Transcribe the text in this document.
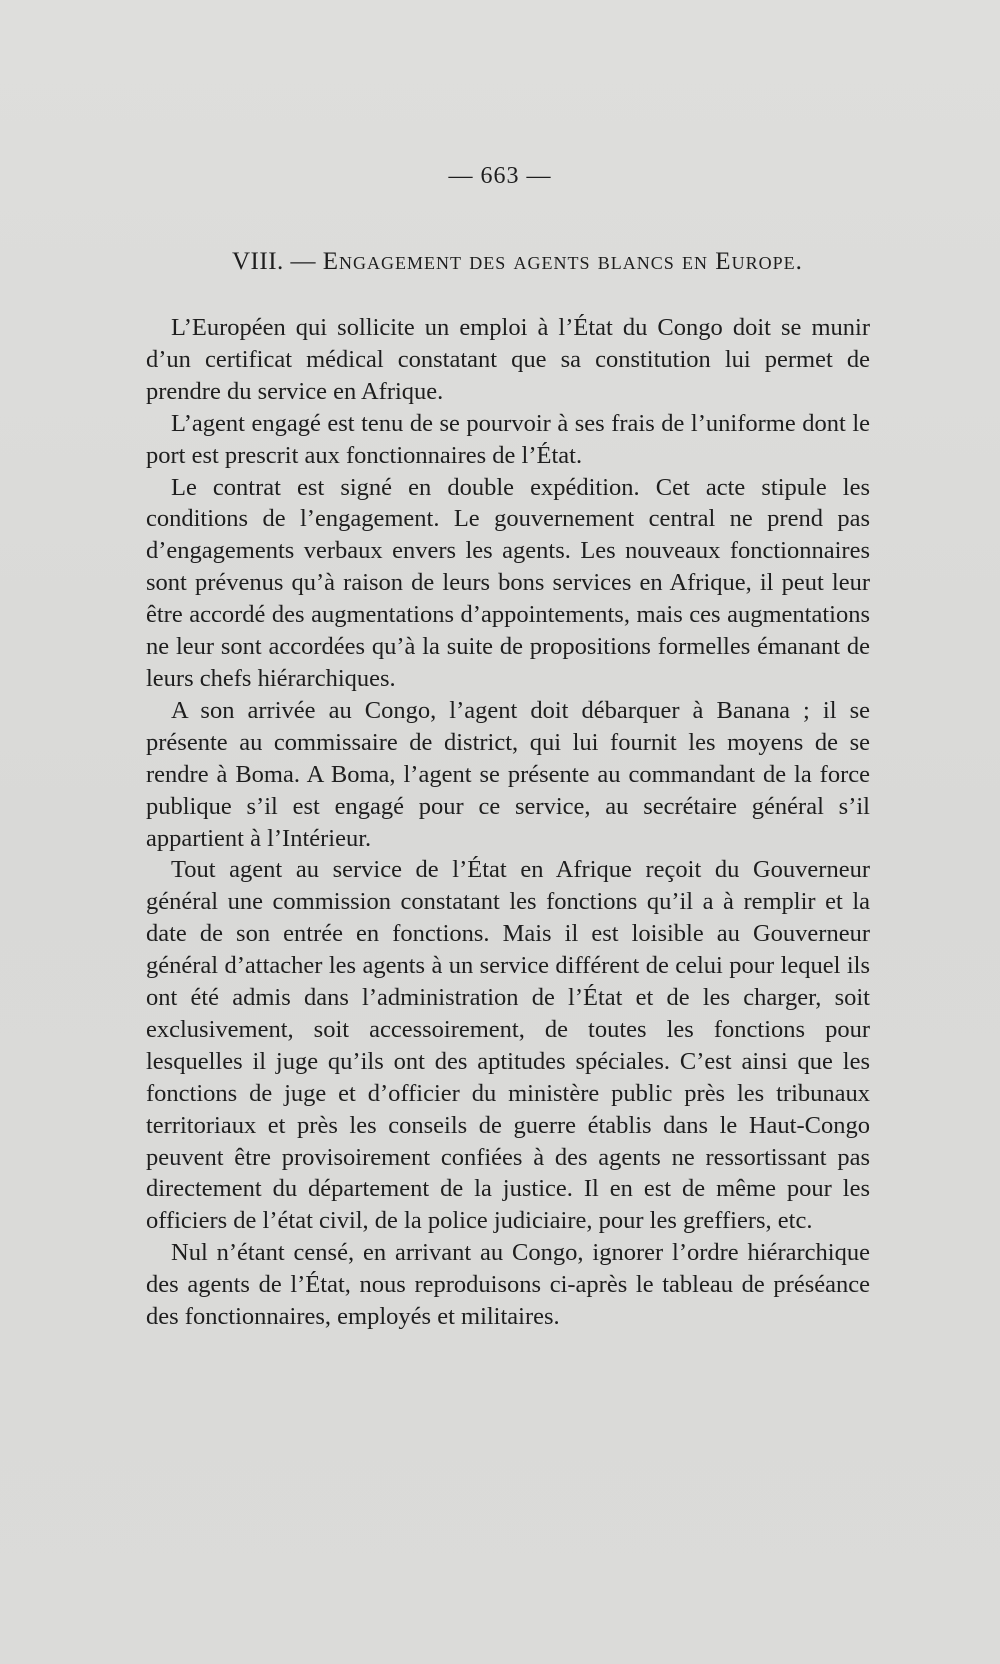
— 663 —
VIII. — Engagement des agents blancs en Europe.

L’Européen qui sollicite un emploi à l’État du Congo doit se munir d’un certificat médical constatant que sa constitution lui permet de prendre du service en Afrique.

L’agent engagé est tenu de se pourvoir à ses frais de l’uniforme dont le port est prescrit aux fonctionnaires de l’État.

Le contrat est signé en double expédition. Cet acte stipule les conditions de l’engagement. Le gouvernement central ne prend pas d’engagements verbaux envers les agents. Les nouveaux fonctionnaires sont prévenus qu’à raison de leurs bons services en Afrique, il peut leur être accordé des augmentations d’appointements, mais ces augmentations ne leur sont accordées qu’à la suite de propositions formelles émanant de leurs chefs hiérarchiques.

A son arrivée au Congo, l’agent doit débarquer à Banana ; il se présente au commissaire de district, qui lui fournit les moyens de se rendre à Boma. A Boma, l’agent se présente au commandant de la force publique s’il est engagé pour ce service, au secrétaire général s’il appartient à l’Intérieur.

Tout agent au service de l’État en Afrique reçoit du Gouverneur général une commission constatant les fonctions qu’il a à remplir et la date de son entrée en fonctions. Mais il est loisible au Gouverneur général d’attacher les agents à un service différent de celui pour lequel ils ont été admis dans l’administration de l’État et de les charger, soit exclusivement, soit accessoirement, de toutes les fonctions pour lesquelles il juge qu’ils ont des aptitudes spéciales. C’est ainsi que les fonctions de juge et d’officier du ministère public près les tribunaux territoriaux et près les conseils de guerre établis dans le Haut-Congo peuvent être provisoirement confiées à des agents ne ressortissant pas directement du département de la justice. Il en est de même pour les officiers de l’état civil, de la police judiciaire, pour les greffiers, etc.

Nul n’étant censé, en arrivant au Congo, ignorer l’ordre hiérarchique des agents de l’État, nous reproduisons ci-après le tableau de préséance des fonctionnaires, employés et militaires.
